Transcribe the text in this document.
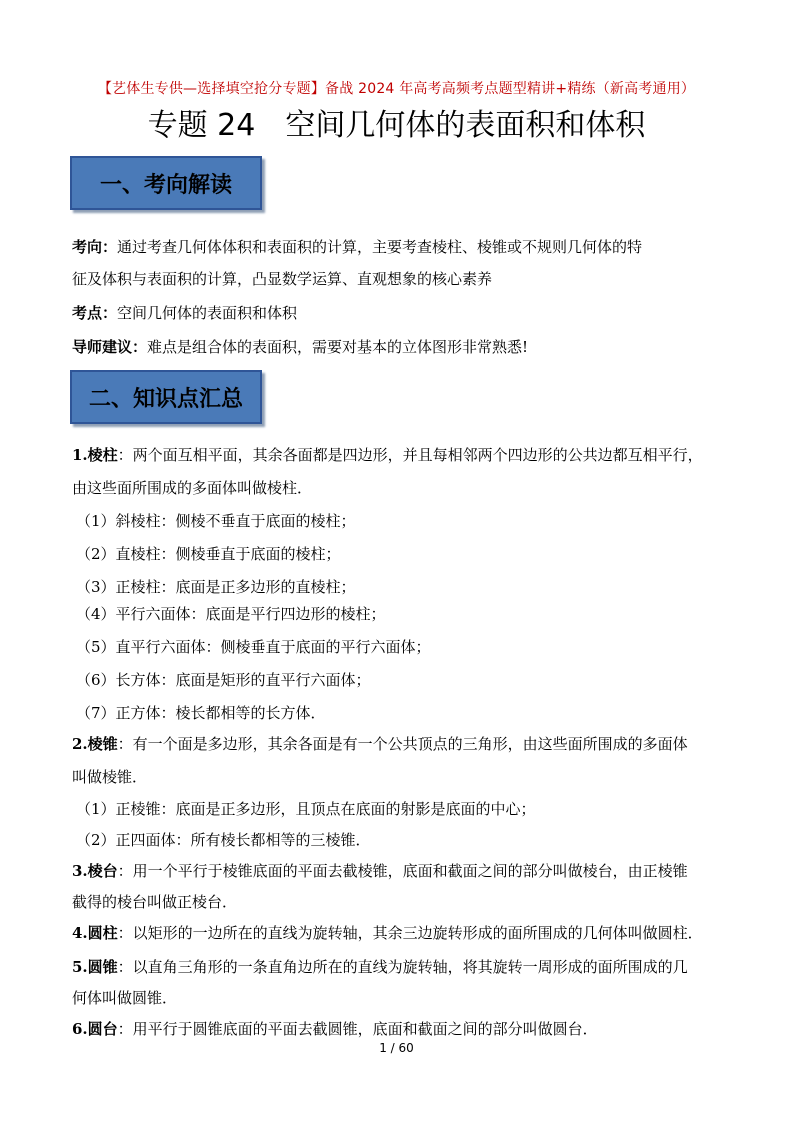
【艺体生专供—选择填空抢分专题】备战 2024 年高考高频考点题型精讲+精练（新高考通用）
专题 24　空间几何体的表面积和体积
一、考向解读
考向：通过考查几何体体积和表面积的计算，主要考查棱柱、棱锥或不规则几何体的特
征及体积与表面积的计算，凸显数学运算、直观想象的核心素养
考点：空间几何体的表面积和体积
导师建议：难点是组合体的表面积，需要对基本的立体图形非常熟悉!
二、知识点汇总
1.棱柱：两个面互相平面，其余各面都是四边形，并且每相邻两个四边形的公共边都互相平行，
由这些面所围成的多面体叫做棱柱．
（1）斜棱柱：侧棱不垂直于底面的棱柱；
（2）直棱柱：侧棱垂直于底面的棱柱；
（3）正棱柱：底面是正多边形的直棱柱；
（4）平行六面体：底面是平行四边形的棱柱；
（5）直平行六面体：侧棱垂直于底面的平行六面体；
（6）长方体：底面是矩形的直平行六面体；
（7）正方体：棱长都相等的长方体．
2.棱锥：有一个面是多边形，其余各面是有一个公共顶点的三角形，由这些面所围成的多面体
叫做棱锥．
（1）正棱锥：底面是正多边形，且顶点在底面的射影是底面的中心；
（2）正四面体：所有棱长都相等的三棱锥．
3.棱台：用一个平行于棱锥底面的平面去截棱锥，底面和截面之间的部分叫做棱台，由正棱锥
截得的棱台叫做正棱台．
4.圆柱：以矩形的一边所在的直线为旋转轴，其余三边旋转形成的面所围成的几何体叫做圆柱．
5.圆锥：以直角三角形的一条直角边所在的直线为旋转轴，将其旋转一周形成的面所围成的几
何体叫做圆锥．
6.圆台：用平行于圆锥底面的平面去截圆锥，底面和截面之间的部分叫做圆台．
1 / 60
